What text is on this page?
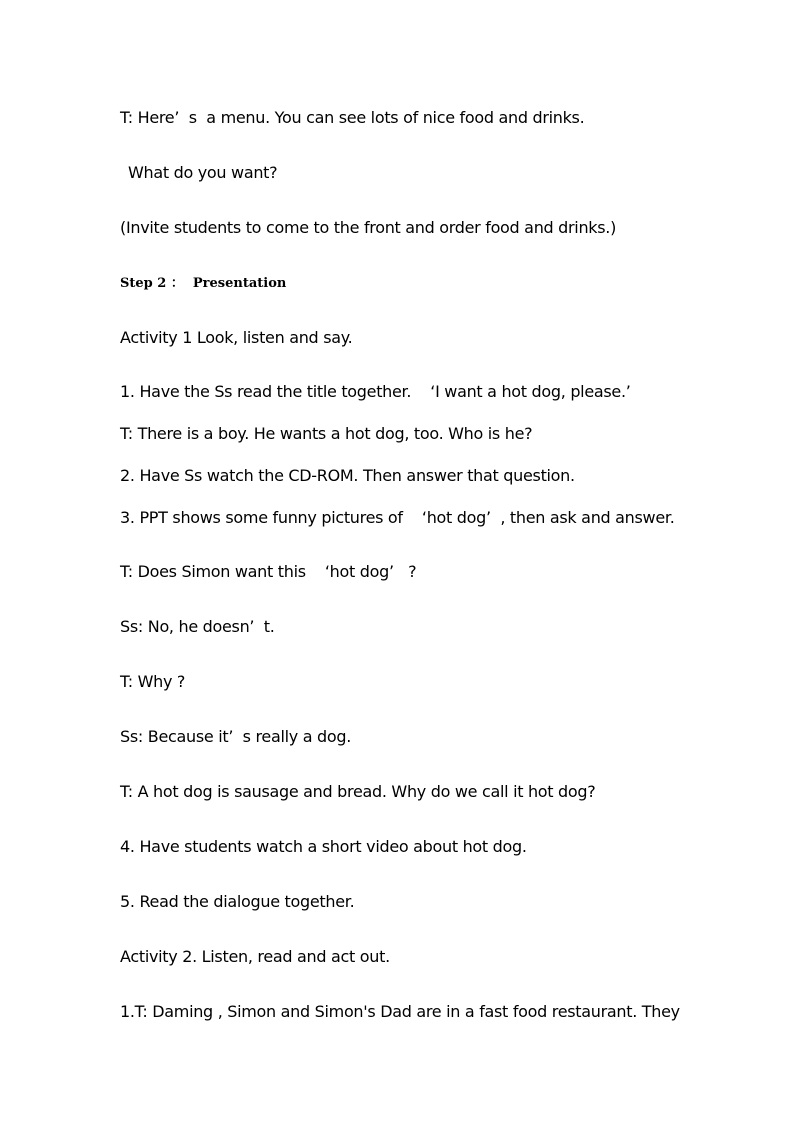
T: Here’  s  a menu. You can see lots of nice food and drinks.
What do you want?
(Invite students to come to the front and order food and drinks.)
Step 2 ：  Presentation
Activity 1 Look, listen and say.
1. Have the Ss read the title together.    ‘I want a hot dog, please.’
T: There is a boy. He wants a hot dog, too. Who is he?
2. Have Ss watch the CD-ROM. Then answer that question.
3. PPT shows some funny pictures of    ‘hot dog’  , then ask and answer.
T: Does Simon want this    ‘hot dog’   ?
Ss: No, he doesn’  t.
T: Why ?
Ss: Because it’  s really a dog.
T: A hot dog is sausage and bread. Why do we call it hot dog?
4. Have students watch a short video about hot dog.
5. Read the dialogue together.
Activity 2. Listen, read and act out.
1.T: Daming , Simon and Simon's Dad are in a fast food restaurant. They
